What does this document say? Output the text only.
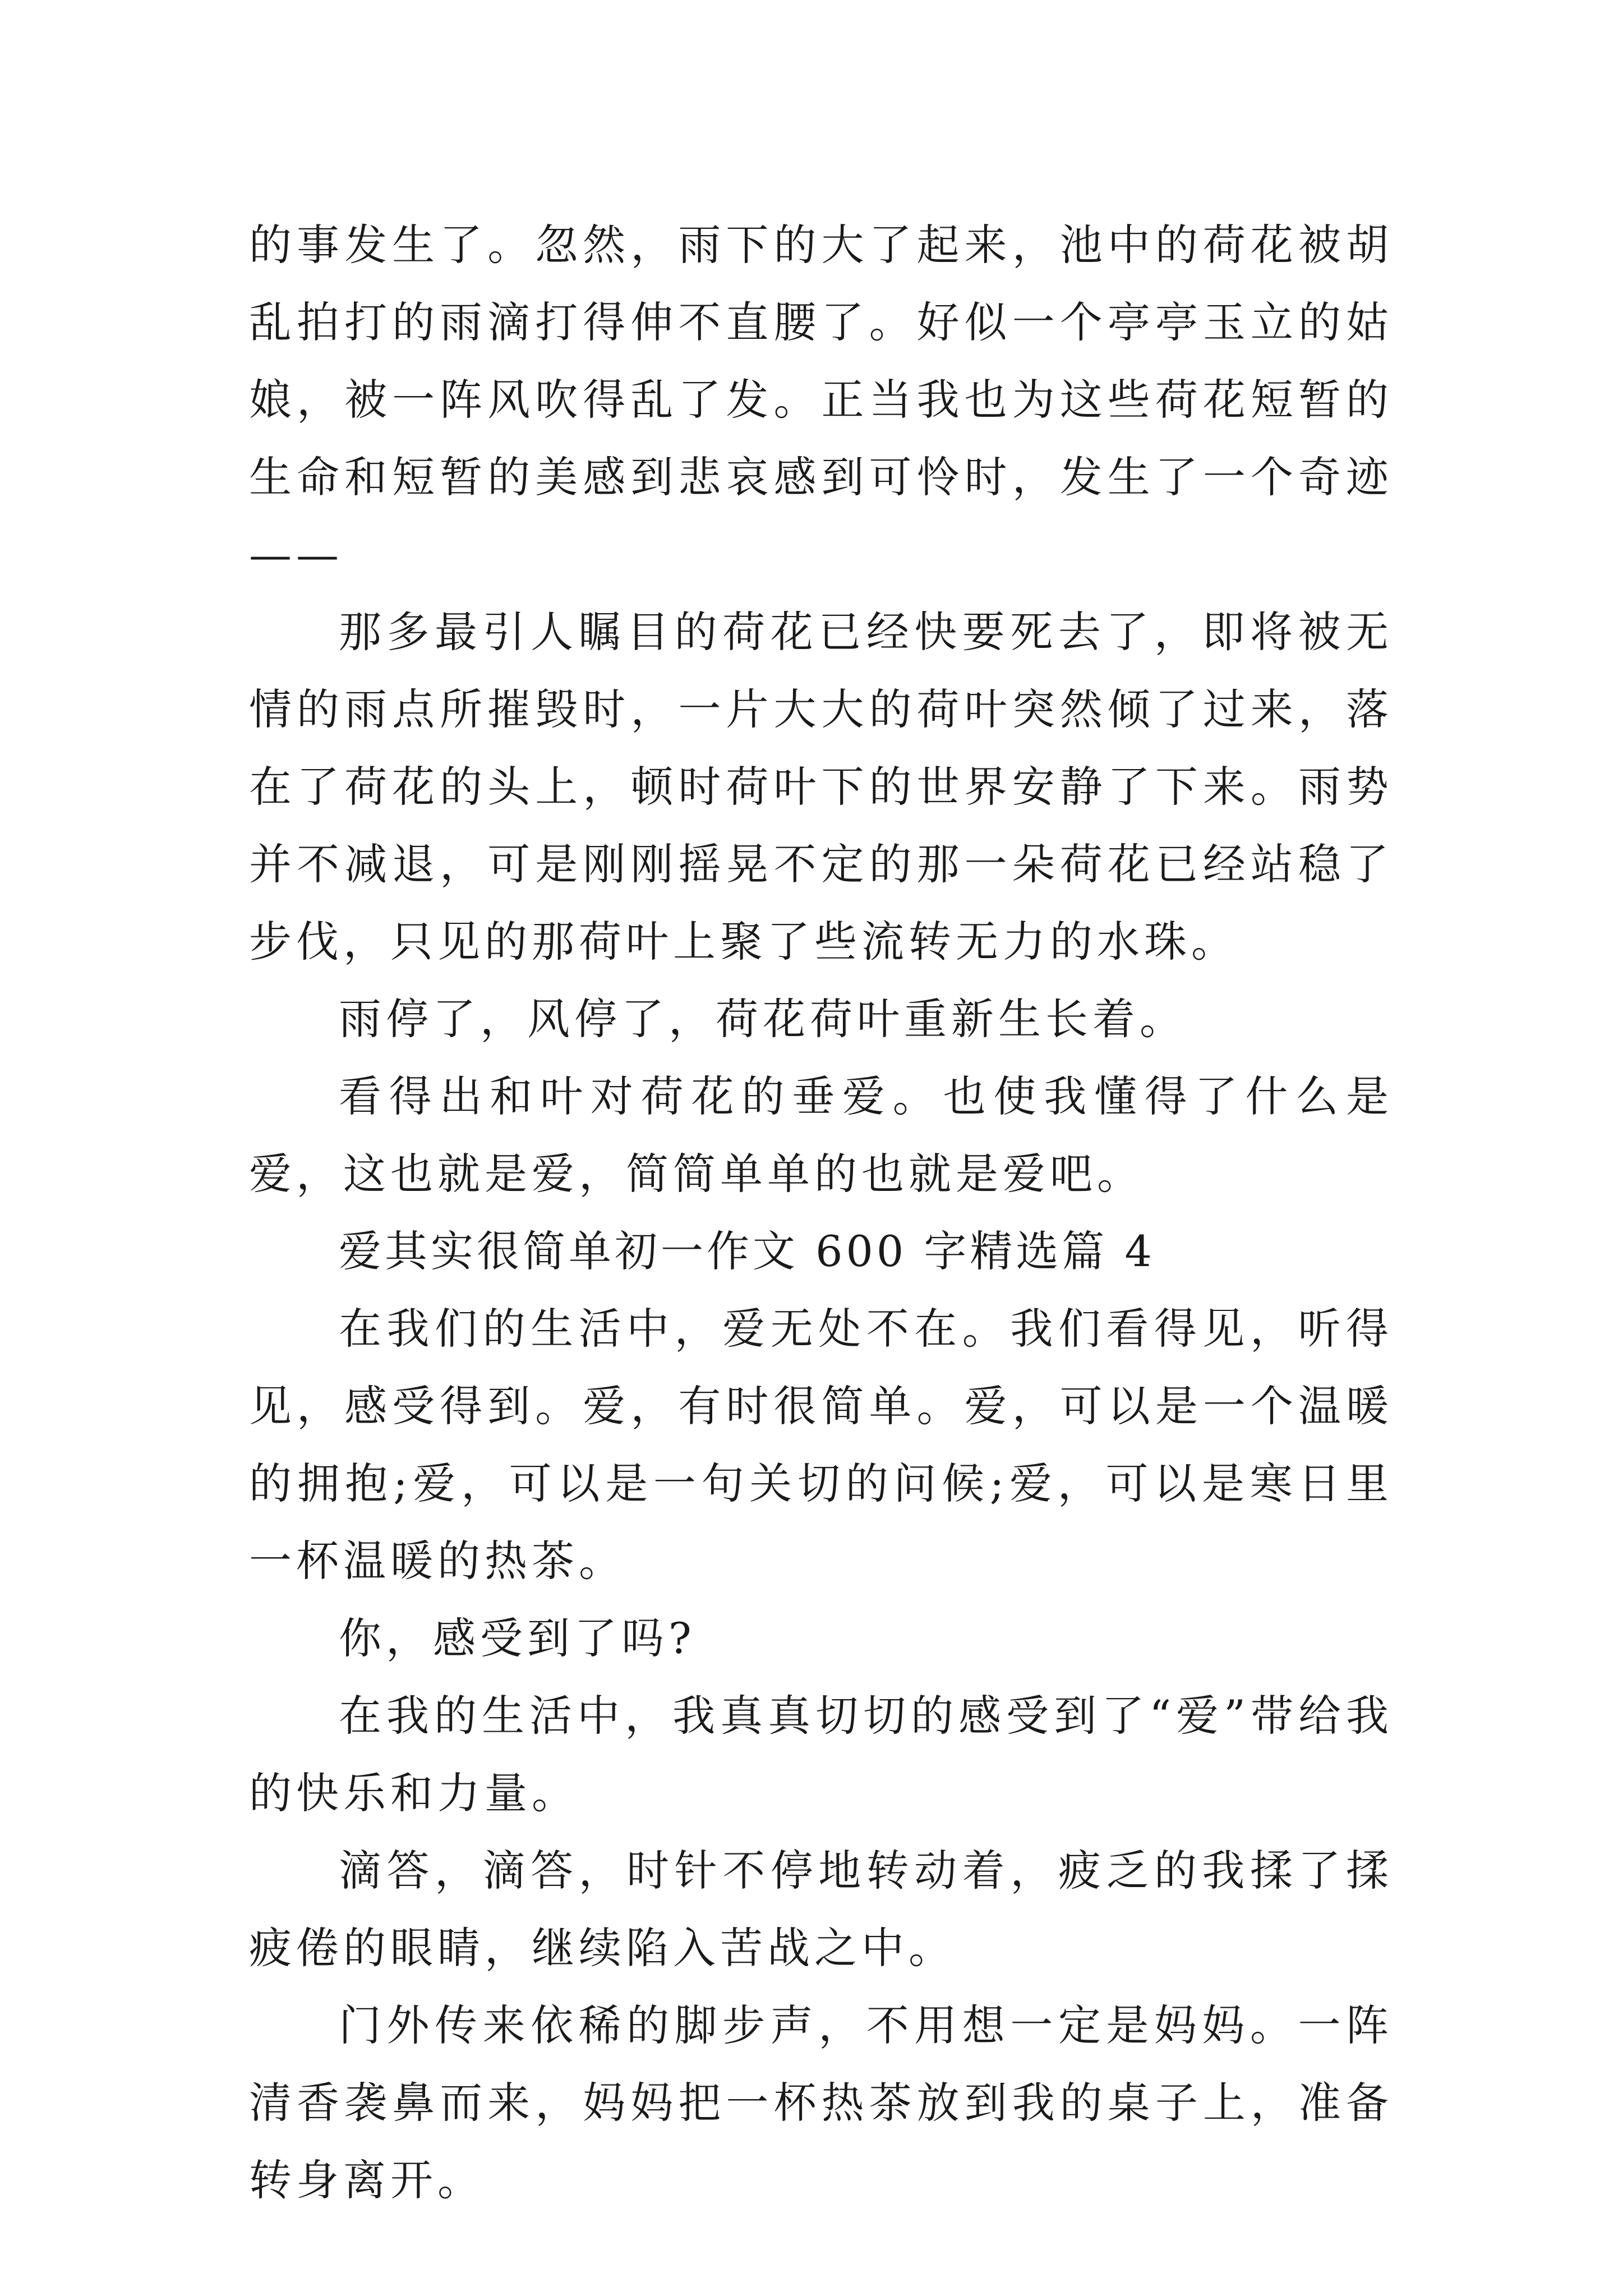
的事发生了。忽然，雨下的大了起来，池中的荷花被胡乱拍打的雨滴打得伸不直腰了。好似一个亭亭玉立的姑娘，被一阵风吹得乱了发。正当我也为这些荷花短暂的生命和短暂的美感到悲哀感到可怜时，发生了一个奇迹——

那多最引人瞩目的荷花已经快要死去了，即将被无情的雨点所摧毁时，一片大大的荷叶突然倾了过来，落在了荷花的头上，顿时荷叶下的世界安静了下来。雨势并不减退，可是刚刚摇晃不定的那一朵荷花已经站稳了步伐，只见的那荷叶上聚了些流转无力的水珠。

雨停了，风停了，荷花荷叶重新生长着。

看得出和叶对荷花的垂爱。也使我懂得了什么是爱，这也就是爱，简简单单的也就是爱吧。

爱其实很简单初一作文 600 字精选篇 4

在我们的生活中，爱无处不在。我们看得见，听得见，感受得到。爱，有时很简单。爱，可以是一个温暖的拥抱;爱，可以是一句关切的问候;爱，可以是寒日里一杯温暖的热茶。

你，感受到了吗?

在我的生活中，我真真切切的感受到了“爱”带给我的快乐和力量。

滴答，滴答，时针不停地转动着，疲乏的我揉了揉疲倦的眼睛，继续陷入苦战之中。

门外传来依稀的脚步声，不用想一定是妈妈。一阵清香袭鼻而来，妈妈把一杯热茶放到我的桌子上，准备转身离开。
